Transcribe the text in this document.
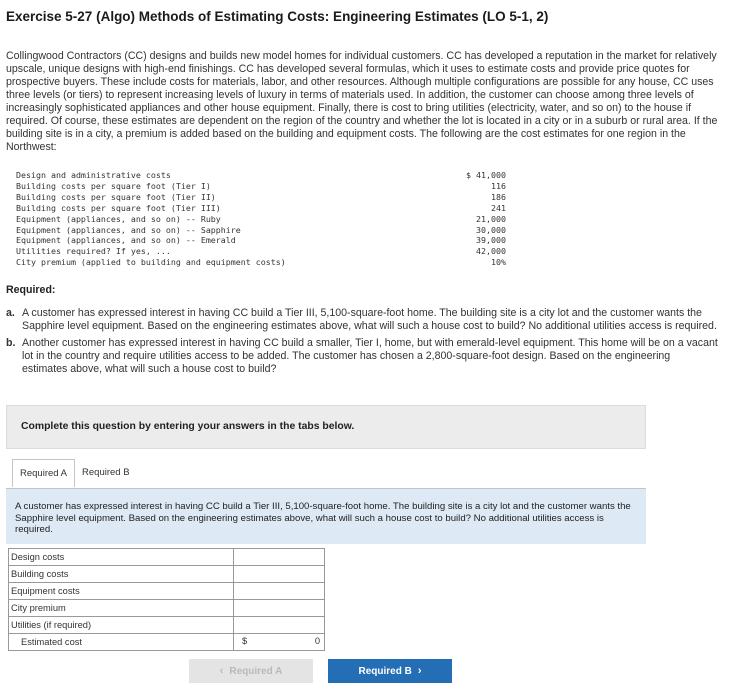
Exercise 5-27 (Algo) Methods of Estimating Costs: Engineering Estimates (LO 5-1, 2)
Collingwood Contractors (CC) designs and builds new model homes for individual customers. CC has developed a reputation in the market for relatively upscale, unique designs with high-end finishings. CC has developed several formulas, which it uses to estimate costs and provide price quotes for prospective buyers. These include costs for materials, labor, and other resources. Although multiple configurations are possible for any house, CC uses three levels (or tiers) to represent increasing levels of luxury in terms of materials used. In addition, the customer can choose among three levels of increasingly sophisticated appliances and other house equipment. Finally, there is cost to bring utilities (electricity, water, and so on) to the house if required. Of course, these estimates are dependent on the region of the country and whether the lot is located in a city or in a suburb or rural area. If the building site is in a city, a premium is added based on the building and equipment costs. The following are the cost estimates for one region in the Northwest:
Design and administrative costs	$ 41,000
Building costs per square foot (Tier I)	116
Building costs per square foot (Tier II)	186
Building costs per square foot (Tier III)	241
Equipment (appliances, and so on) -- Ruby	21,000
Equipment (appliances, and so on) -- Sapphire	30,000
Equipment (appliances, and so on) -- Emerald	39,000
Utilities required? If yes, ...	42,000
City premium (applied to building and equipment costs)	10%
Required:
a. A customer has expressed interest in having CC build a Tier III, 5,100-square-foot home. The building site is a city lot and the customer wants the Sapphire level equipment. Based on the engineering estimates above, what will such a house cost to build? No additional utilities access is required.
b. Another customer has expressed interest in having CC build a smaller, Tier I, home, but with emerald-level equipment. This home will be on a vacant lot in the country and require utilities access to be added. The customer has chosen a 2,800-square-foot design. Based on the engineering estimates above, what will such a house cost to build?
Complete this question by entering your answers in the tabs below.
Required A	Required B
A customer has expressed interest in having CC build a Tier III, 5,100-square-foot home. The building site is a city lot and the customer wants the Sapphire level equipment. Based on the engineering estimates above, what will such a house cost to build? No additional utilities access is required.
Design costs	

Building costs	

Equipment costs	

City premium	

Utilities (if required)	

Estimated cost	$ 0
‹ Required A	Required B ›
